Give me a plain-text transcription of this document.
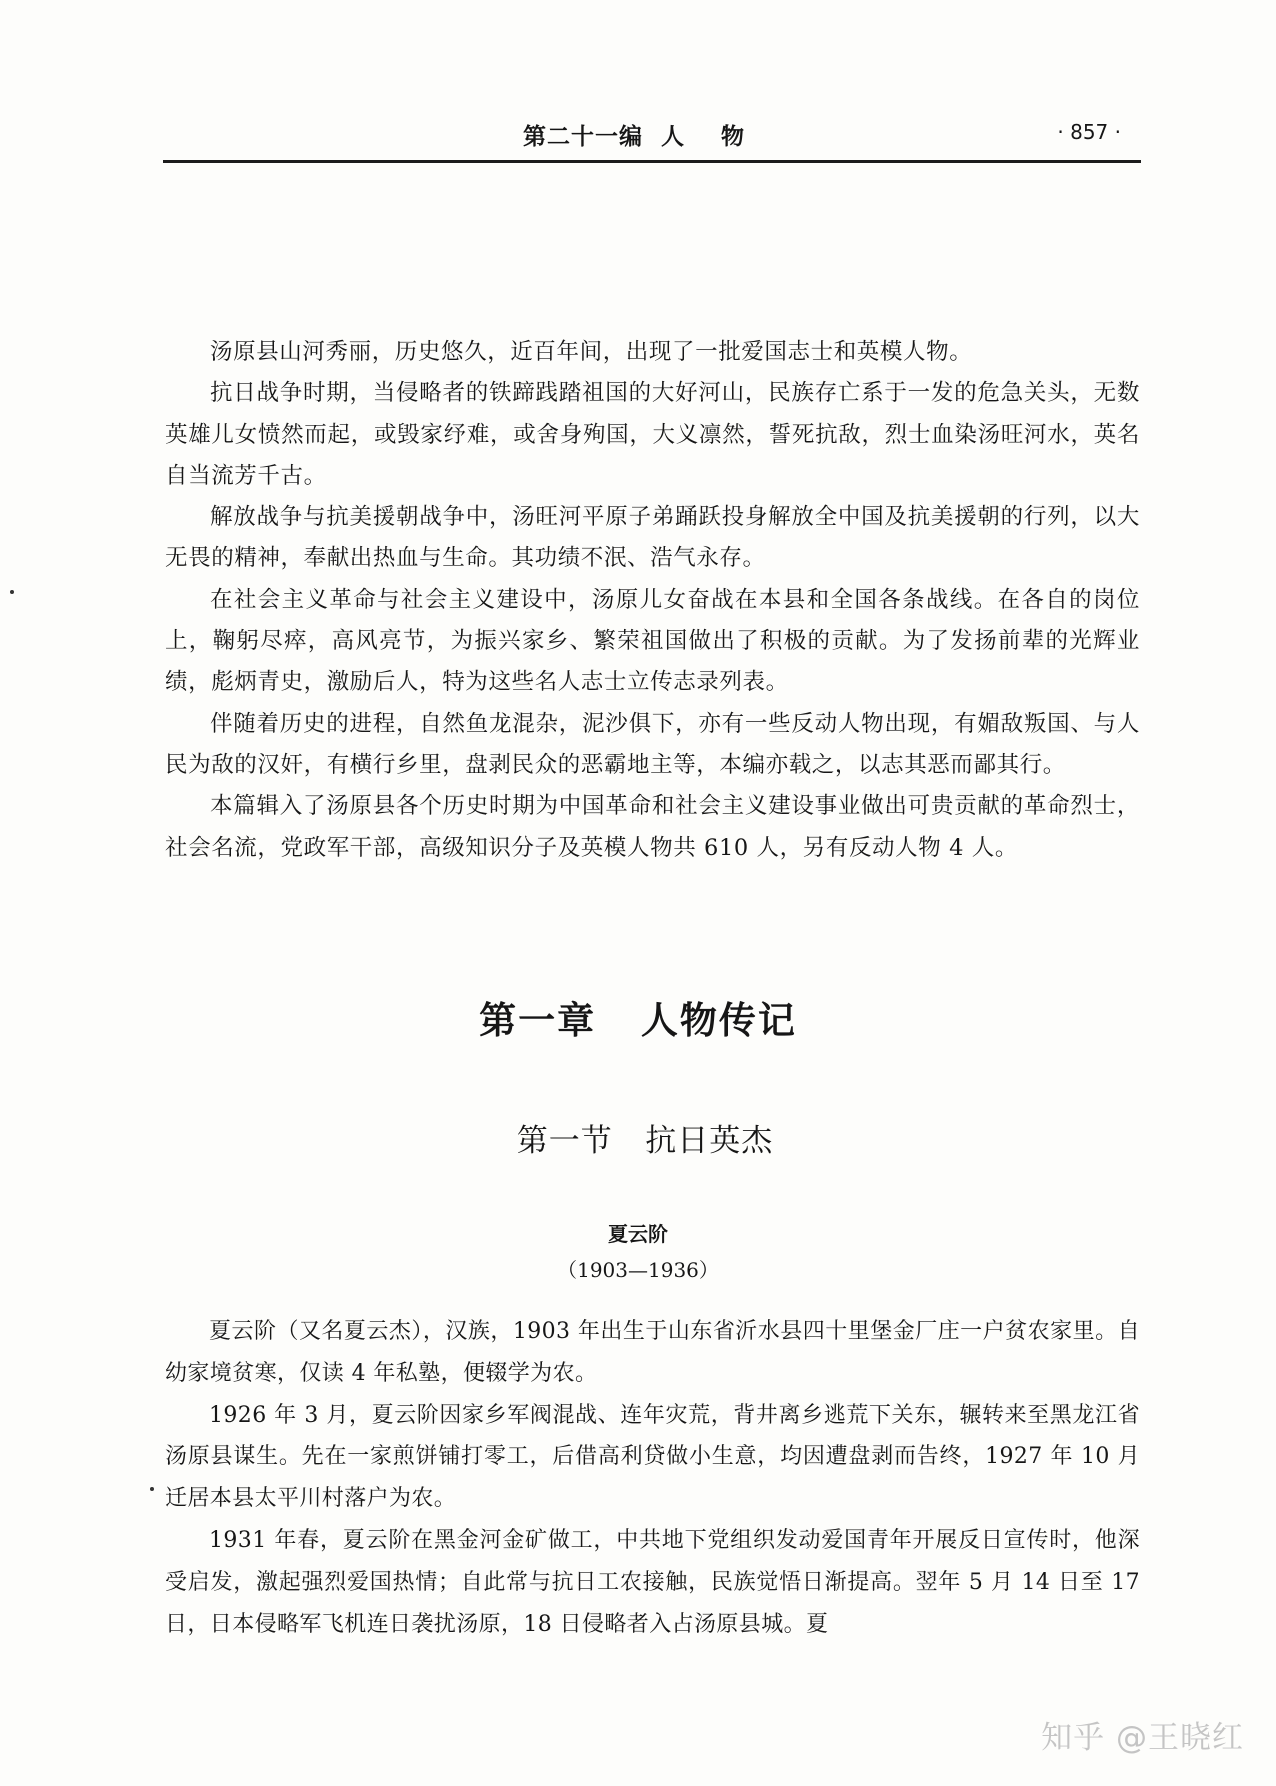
第二十一编  人    物	· 857 ·

汤原县山河秀丽，历史悠久，近百年间，出现了一批爱国志士和英模人物。

抗日战争时期，当侵略者的铁蹄践踏祖国的大好河山，民族存亡系于一发的危急关头，无数英雄儿女愤然而起，或毁家纾难，或舍身殉国，大义凛然，誓死抗敌，烈士血染汤旺河水，英名自当流芳千古。

解放战争与抗美援朝战争中，汤旺河平原子弟踊跃投身解放全中国及抗美援朝的行列，以大无畏的精神，奉献出热血与生命。其功绩不泯、浩气永存。

在社会主义革命与社会主义建设中，汤原儿女奋战在本县和全国各条战线。在各自的岗位上，鞠躬尽瘁，高风亮节，为振兴家乡、繁荣祖国做出了积极的贡献。为了发扬前辈的光辉业绩，彪炳青史，激励后人，特为这些名人志士立传志录列表。

伴随着历史的进程，自然鱼龙混杂，泥沙俱下，亦有一些反动人物出现，有媚敌叛国、与人民为敌的汉奸，有横行乡里，盘剥民众的恶霸地主等，本编亦载之，以志其恶而鄙其行。

本篇辑入了汤原县各个历史时期为中国革命和社会主义建设事业做出可贵贡献的革命烈士，社会名流，党政军干部，高级知识分子及英模人物共 610 人，另有反动人物 4 人。

第一章   人物传记
第一节   抗日英杰
夏云阶
（1903—1936）

夏云阶（又名夏云杰），汉族，1903 年出生于山东省沂水县四十里堡金厂庄一户贫农家里。自幼家境贫寒，仅读 4 年私塾，便辍学为农。

1926 年 3 月，夏云阶因家乡军阀混战、连年灾荒，背井离乡逃荒下关东，辗转来至黑龙江省汤原县谋生。先在一家煎饼铺打零工，后借高利贷做小生意，均因遭盘剥而告终，1927 年 10 月迁居本县太平川村落户为农。

1931 年春，夏云阶在黑金河金矿做工，中共地下党组织发动爱国青年开展反日宣传时，他深受启发，激起强烈爱国热情；自此常与抗日工农接触，民族觉悟日渐提高。翌年 5 月 14 日至 17 日，日本侵略军飞机连日袭扰汤原，18 日侵略者入占汤原县城。夏

知乎 @王晓红
